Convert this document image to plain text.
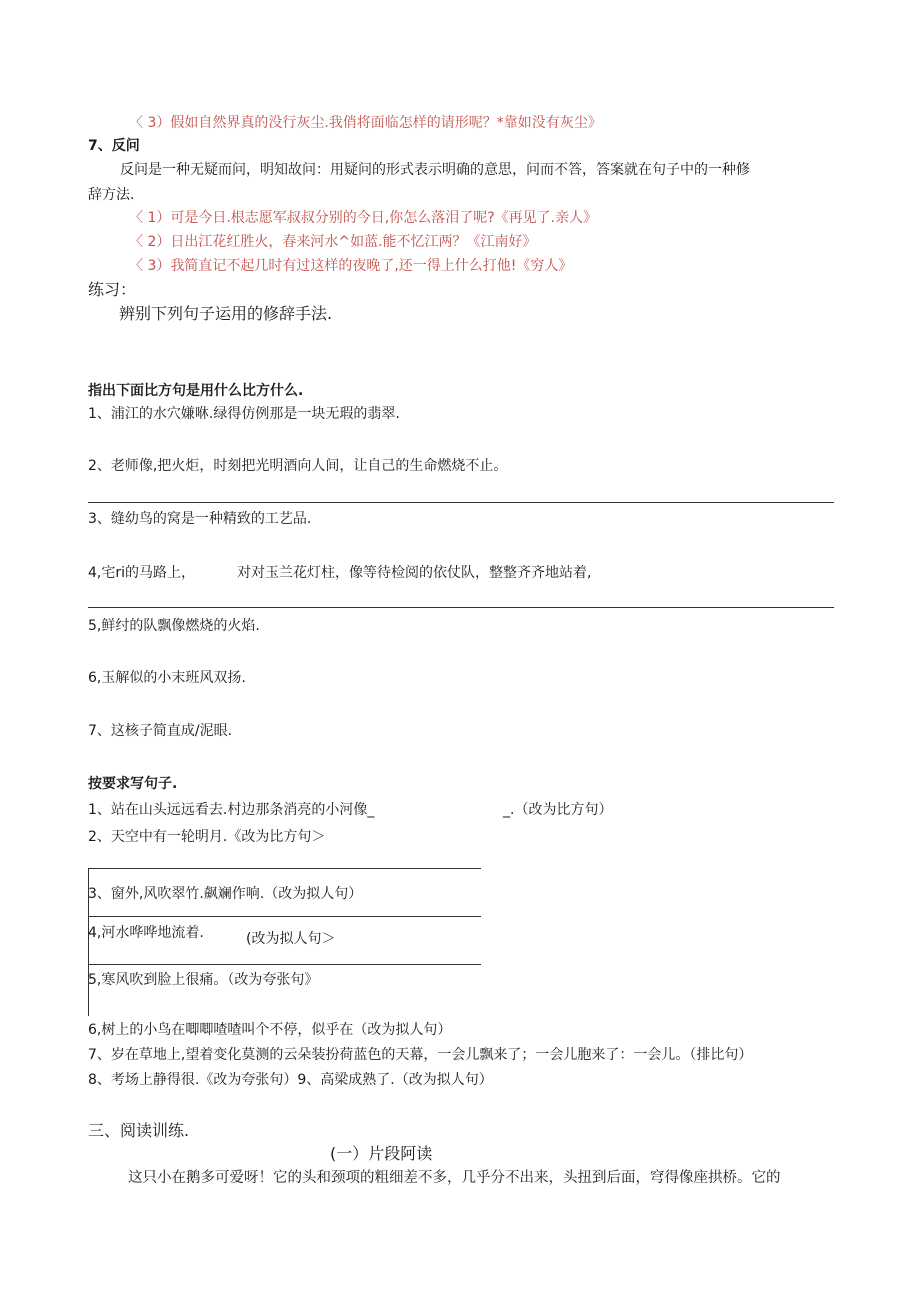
〈 3）假如自然界真的没行灰尘.我俏将面临怎样的请形呢？*靠如没有灰尘》
7、反问
反问是一种无疑而问，明知故问：用疑问的形式表示明确的意思，问而不答，答案就在句子中的一种修
辞方法.
〈 1）可是今日.根志愿军叔叔分别的今日,你怎么落泪了呢?《再见了.亲人》
〈 2）日出江花红胜火，春来河水^如蓝.能不忆江两？《江南好》
〈 3）我简直记不起几时有过这样的夜晚了,还一得上什么打他!《穷人》
练习：
辨别下列句子运用的修辞手法.
指出下面比方句是用什么比方什么.
1、浦江的水穴嫌咻.绿得仿例那是一块无瑕的翡翠.
2、老师像,把火炬，时刻把光明酒向人间，让自己的生命燃烧不止。
3、缝幼鸟的窝是一种精致的工艺品.
4,宅ri的马路上，	对对玉兰花灯柱，像等待检阅的依仗队，整整齐齐地站着,
5,鲜纣的队飘像燃烧的火焰.
6,玉解似的小末班风双扬.
7、这核子简直成/泥眼.
按要求写句子.
1、站在山头远远看去.村边那条消亮的小河像_	_.（改为比方句）
2、天空中有一轮明月.《改为比方句＞
3、窗外,风吹翠竹.飙斓作响.（改为拟人句）
4,河水哗哗地流着.	(改为拟人句＞
5,寒风吹到脸上很痛。（改为夸张句》
6,树上的小鸟在唧唧喳喳叫个不停，似乎在（改为拟人句）
7、岁在草地上,望着变化莫测的云朵装扮荷蓝色的天幕，一会儿飘来了；一会儿胞来了：一会儿。（排比句）
8、考场上静得很.《改为夸张句）9、高梁成熟了.（改为拟人句）
三、阅读训练.
(一）片段阿读
这只小在鹅多可爱呀！它的头和颈项的粗细差不多，几乎分不出来，头扭到后面，穹得像座拱桥。它的
